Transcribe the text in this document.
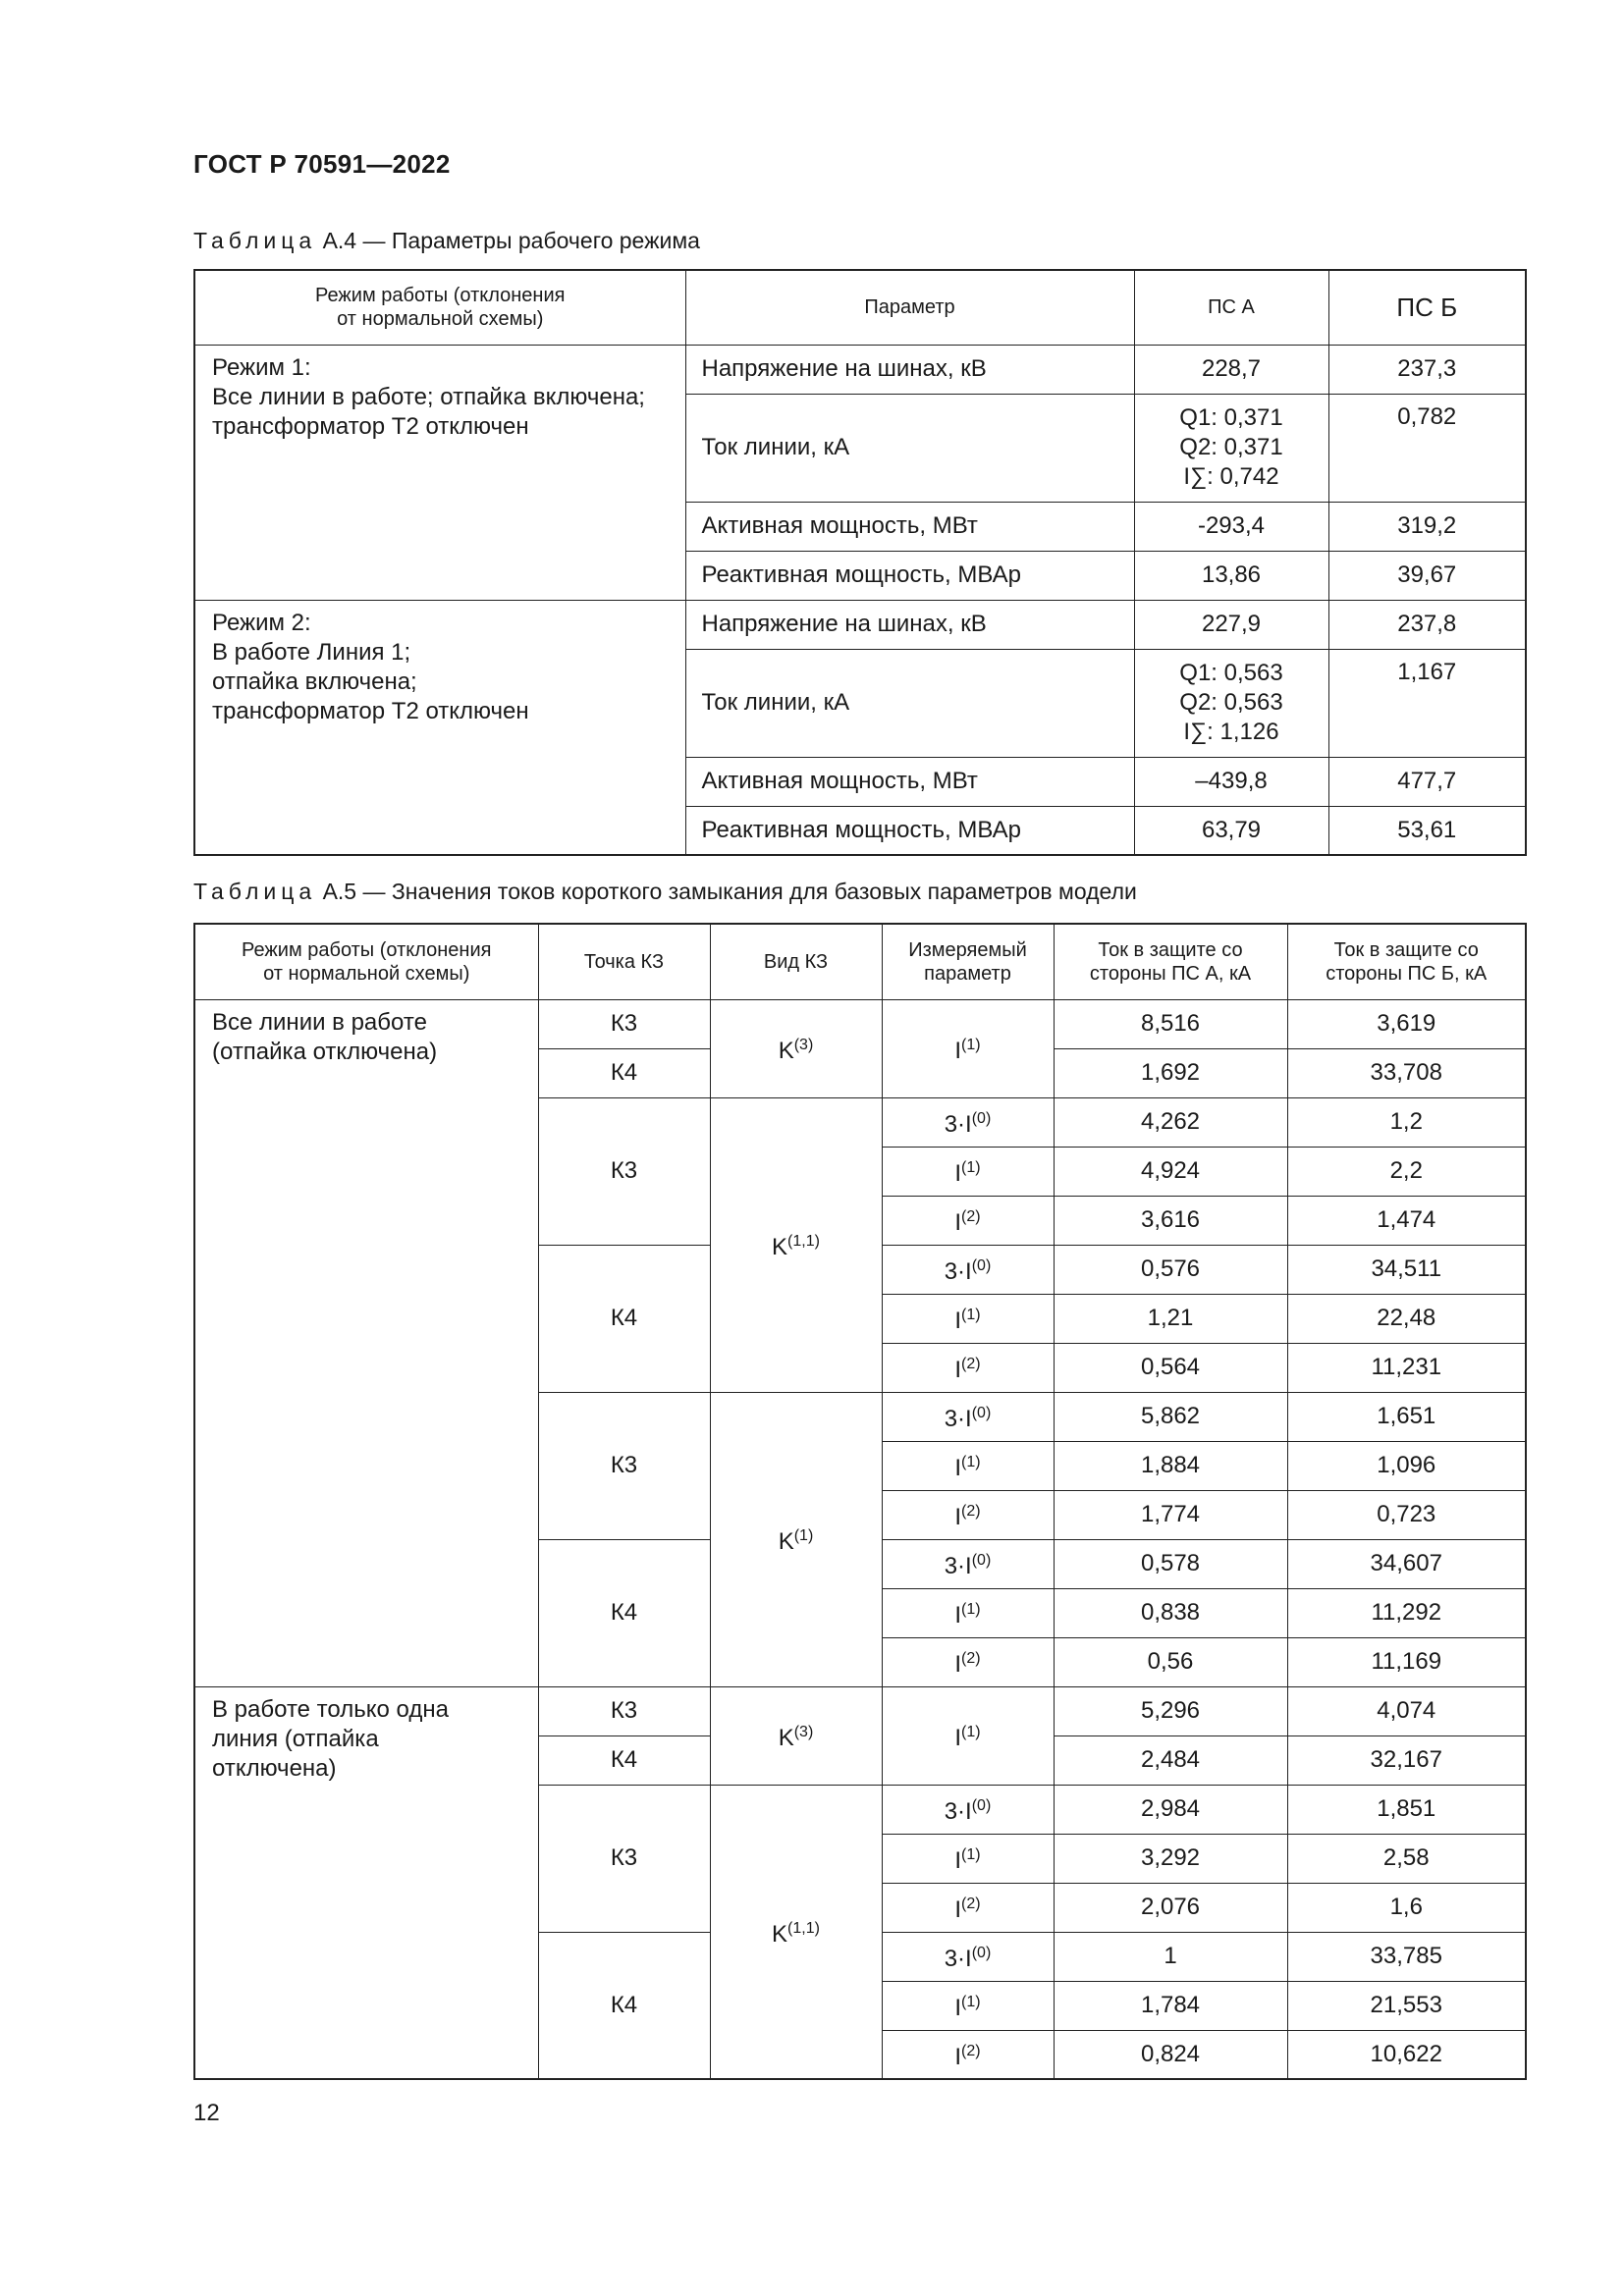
ГОСТ Р 70591—2022
Таблица А.4 — Параметры рабочего режима
Режим работы (отклонения
от нормальной схемы)	Параметр	ПС А	ПС Б

Режим 1:
Все линии в работе; отпайка включена;
трансформатор Т2 отключен	Напряжение на шинах, кВ	228,7	237,3
	Ток линии, кА	Q1: 0,371
Q2: 0,371
I∑: 0,742	0,782
	Активная мощность, МВт	-293,4	319,2
	Реактивная мощность, МВАр	13,86	39,67

Режим 2:
В работе Линия 1;
отпайка включена;
трансформатор Т2 отключен	Напряжение на шинах, кВ	227,9	237,8
	Ток линии, кА	Q1: 0,563
Q2: 0,563
I∑: 1,126	1,167
	Активная мощность, МВт	–439,8	477,7
	Реактивная мощность, МВАр	63,79	53,61
Таблица А.5 — Значения токов короткого замыкания для базовых параметров модели
Режим работы (отклонения
от нормальной схемы)	Точка КЗ	Вид КЗ	Измеряемый
параметр	Ток в защите со
стороны ПС А, кА	Ток в защите со
стороны ПС Б, кА

Все линии в работе
(отпайка отключена)	К3	$K^{(3)}$	$I^{(1)}$	8,516	3,619
	К4			1,692	33,708
	К3	K$^{(1,1)}$	$3\cdot I^{(0)}$	4,262	1,2
			$I^{(1)}$	4,924	2,2
			$I^{(2)}$	3,616	1,474
	К4		$3\cdot I^{(0)}$	0,576	34,511
			$I^{(1)}$	1,21	22,48
			$I^{(2)}$	0,564	11,231
	К3	$K^{(1)}$	$3\cdot I^{(0)}$	5,862	1,651
			$I^{(1)}$	1,884	1,096
			$I^{(2)}$	1,774	0,723
	К4		$3\cdot I^{(0)}$	0,578	34,607
			$I^{(1)}$	0,838	11,292
			$I^{(2)}$	0,56	11,169

В работе только одна
линия (отпайка
отключена)	К3	$K^{(3)}$	$I^{(1)}$	5,296	4,074
	К4			2,484	32,167
	К3	K$^{(1,1)}$	$3\cdot I^{(0)}$	2,984	1,851
			$I^{(1)}$	3,292	2,58
			$I^{(2)}$	2,076	1,6
	К4		$3\cdot I^{(0)}$	1	33,785
			$I^{(1)}$	1,784	21,553
			$I^{(2)}$	0,824	10,622
12
